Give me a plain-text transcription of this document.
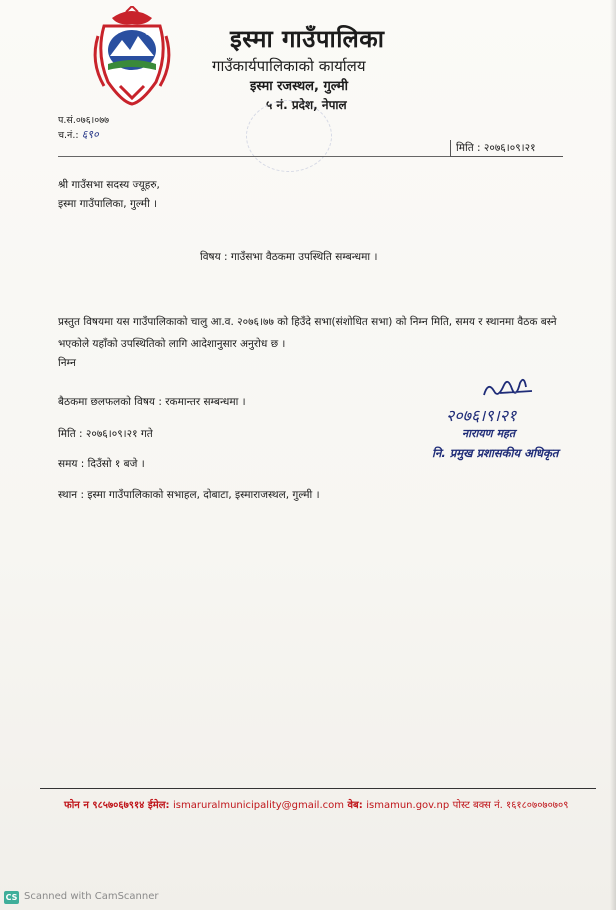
इस्मा गाउँपालिका
गाउँकार्यपालिकाको कार्यालय
इस्मा रजस्थल, गुल्मी
५ नं. प्रदेश, नेपाल
प.सं.०७६।०७७
च.नं.: ६९०
मिति : २०७६।०९।२१
श्री गाउँसभा सदस्य ज्यूहरु,
इस्मा गाउँपालिका, गुल्मी ।
विषय : गाउँसभा वैठकमा उपस्थिति सम्बन्धमा ।
प्रस्तुत विषयमा यस गाउँपालिकाको चालु आ.व. २०७६।७७ को हिउँदे सभा(संशोधित सभा) को निम्न मिति, समय र स्थानमा वैठक बस्ने भएकोले यहाँको उपस्थितिको लागि आदेशानुसार अनुरोध छ ।
निम्न
बैठकमा छलफलको विषय : रकमान्तर सम्बन्धमा ।
मिति : २०७६।०९।२१ गते
समय : दिउँसो १ बजे ।
स्थान : इस्मा गाउँपालिकाको सभाहल, दोबाटा, इस्माराजस्थल, गुल्मी ।
२०७६।९।२१
नारायण महत
नि. प्रमुख प्रशासकीय अधिकृत
फोन न ९८५७०६७९१४ ईमेल: ismaruralmunicipality@gmail.com वेब: ismamun.gov.np पोस्ट बक्स नं. १६१८०७०७०७०९
CS Scanned with CamScanner
